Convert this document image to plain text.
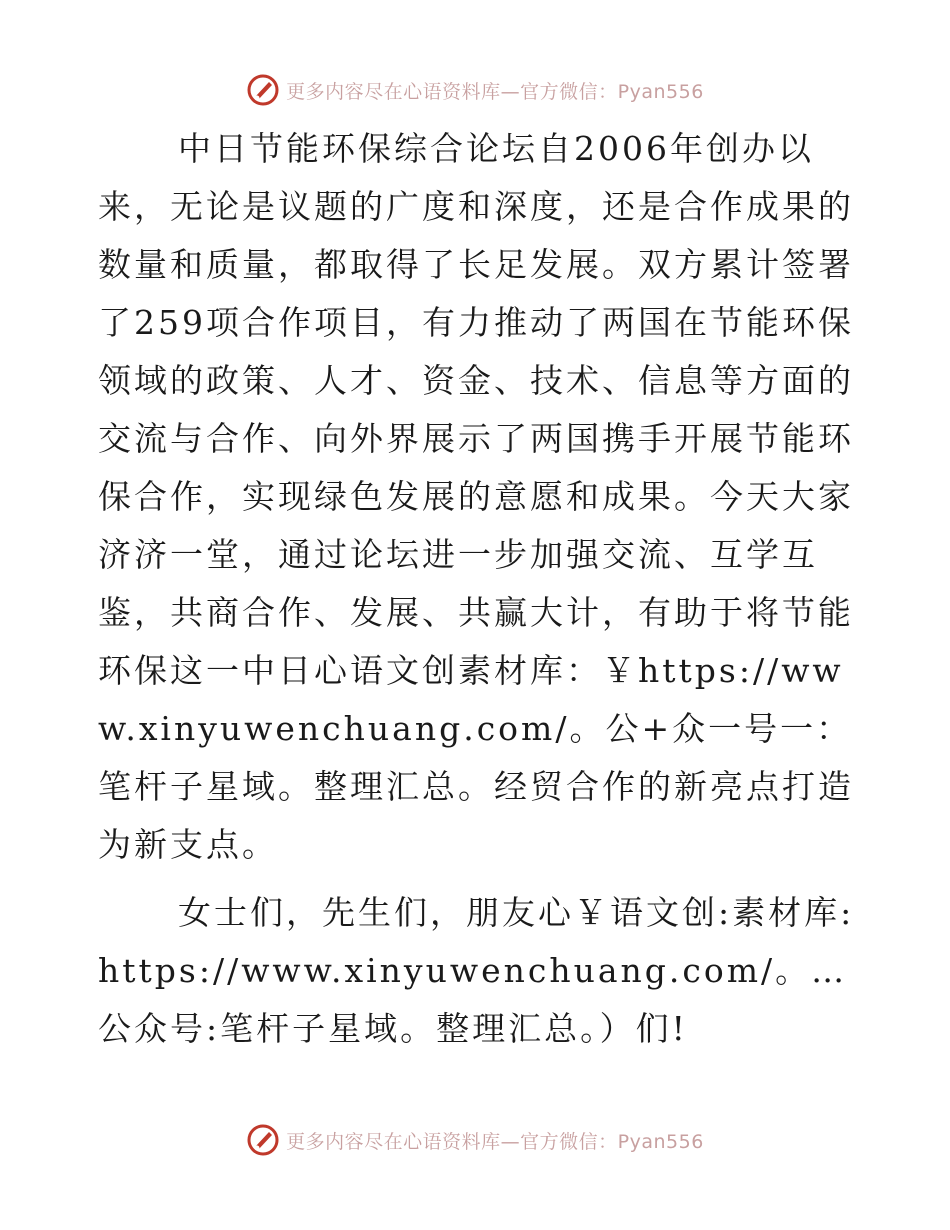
更多内容尽在心语资料库—官方微信：Pyan556

中日节能环保综合论坛自2006年创办以来，无论是议题的广度和深度，还是合作成果的数量和质量，都取得了长足发展。双方累计签署了259项合作项目，有力推动了两国在节能环保领域的政策、人才、资金、技术、信息等方面的交流与合作、向外界展示了两国携手开展节能环保合作，实现绿色发展的意愿和成果。今天大家济济一堂，通过论坛进一步加强交流、互学互鉴，共商合作、发展、共赢大计，有助于将节能环保这一中日心语文创素材库：￥https://www.xinyuwenchuang.com/。公+众一号一：笔杆子星域。整理汇总。经贸合作的新亮点打造为新支点。

女士们，先生们，朋友心￥语文创:素材库:https://www.xinyuwenchuang.com/。…公众号:笔杆子星域。整理汇总。）们!

更多内容尽在心语资料库—官方微信：Pyan556
